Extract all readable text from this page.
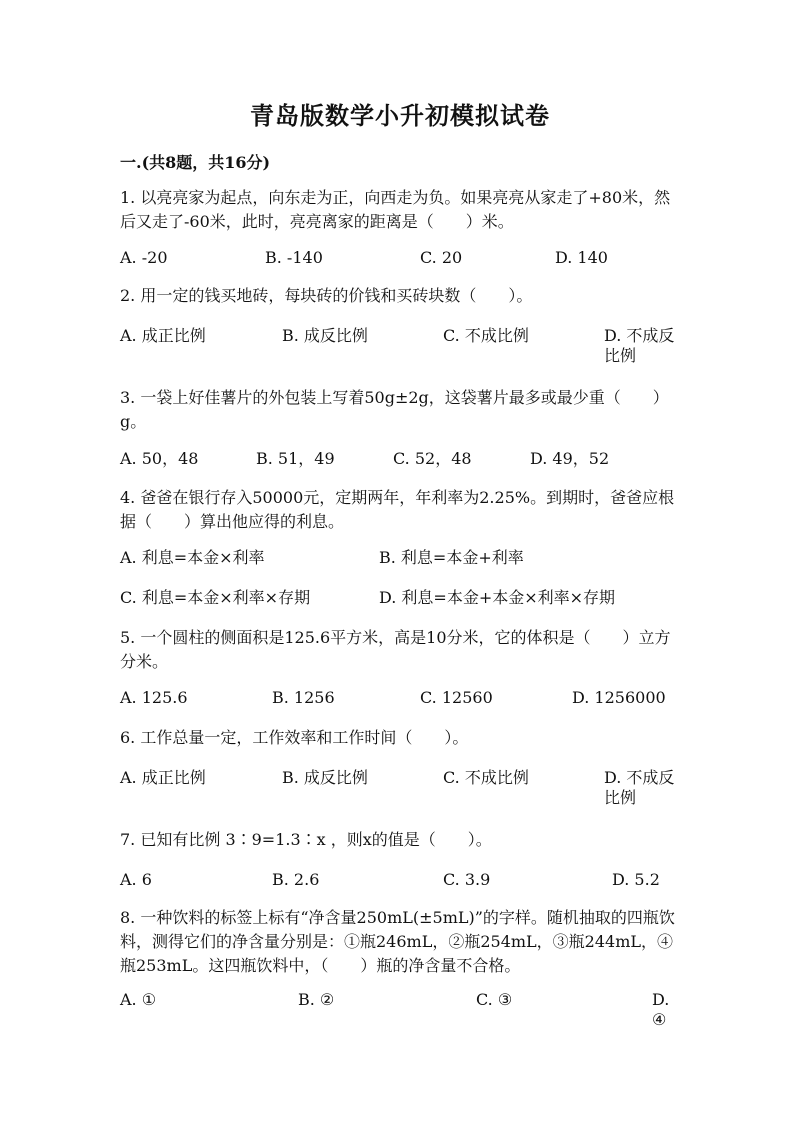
青岛版数学小升初模拟试卷
一.(共8题，共16分)
1. 以亮亮家为起点，向东走为正，向西走为负。如果亮亮从家走了+80米，然后又走了-60米，此时，亮亮离家的距离是（　　）米。
A. -20	B. -140	C. 20	D. 140
2. 用一定的钱买地砖，每块砖的价钱和买砖块数（　　）。
A. 成正比例	B. 成反比例	C. 不成比例	D. 不成反比例
3. 一袋上好佳薯片的外包装上写着50g±2g，这袋薯片最多或最少重（　　）g。
A. 50，48	B. 51，49	C. 52，48	D. 49，52
4. 爸爸在银行存入50000元，定期两年，年利率为2.25%。到期时，爸爸应根据（　　）算出他应得的利息。
A. 利息=本金×利率	B. 利息=本金+利率
C. 利息=本金×利率×存期	D. 利息=本金+本金×利率×存期
5. 一个圆柱的侧面积是125.6平方米，高是10分米，它的体积是（　　）立方分米。
A. 125.6	B. 1256	C. 12560	D. 1256000
6. 工作总量一定，工作效率和工作时间（　　）。
A. 成正比例	B. 成反比例	C. 不成比例	D. 不成反比例
7. 已知有比例 3∶9=1.3∶x ，则x的值是（　　）。
A. 6	B. 2.6	C. 3.9	D. 5.2
8. 一种饮料的标签上标有“净含量250mL(±5mL)”的字样。随机抽取的四瓶饮料，测得它们的净含量分别是：①瓶246mL，②瓶254mL，③瓶244mL，④瓶253mL。这四瓶饮料中，（　　）瓶的净含量不合格。
A. ①	B. ②	C. ③	D. ④
